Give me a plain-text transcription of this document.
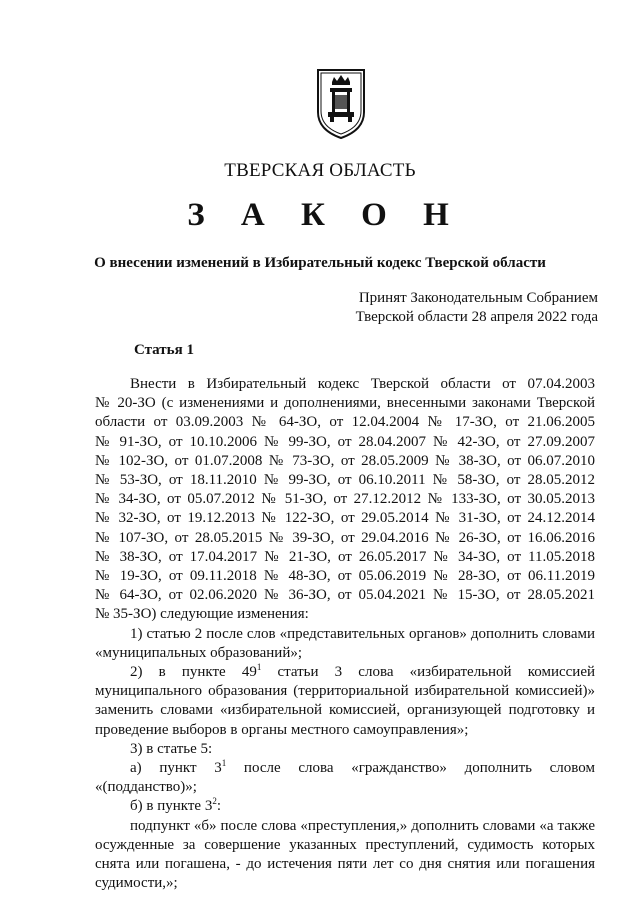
ТВЕРСКАЯ ОБЛАСТЬ
З А К О Н
О внесении изменений в Избирательный кодекс Тверской области
Принят Законодательным Собранием
Тверской области 28 апреля 2022 года
Статья 1

Внести в Избирательный кодекс Тверской области от 07.04.2003
№ 20-ЗО (с изменениями и дополнениями, внесенными законами Тверской
области от 03.09.2003 № 64-ЗО, от 12.04.2004 № 17-ЗО, от 21.06.2005
№ 91-ЗО, от 10.10.2006 № 99-ЗО, от 28.04.2007 № 42-ЗО, от 27.09.2007
№ 102-ЗО, от 01.07.2008 № 73-ЗО, от 28.05.2009 № 38-ЗО, от 06.07.2010
№ 53-ЗО, от 18.11.2010 № 99-ЗО, от 06.10.2011 № 58-ЗО, от 28.05.2012
№ 34-ЗО, от 05.07.2012 № 51-ЗО, от 27.12.2012 № 133-ЗО, от 30.05.2013
№ 32-ЗО, от 19.12.2013 № 122-ЗО, от 29.05.2014 № 31-ЗО, от 24.12.2014
№ 107-ЗО, от 28.05.2015 № 39-ЗО, от 29.04.2016 № 26-ЗО, от 16.06.2016
№ 38-ЗО, от 17.04.2017 № 21-ЗО, от 26.05.2017 № 34-ЗО, от 11.05.2018
№ 19-ЗО, от 09.11.2018 № 48-ЗО, от 05.06.2019 № 28-ЗО, от 06.11.2019
№ 64-ЗО, от 02.06.2020 № 36-ЗО, от 05.04.2021 № 15-ЗО, от 28.05.2021
№ 35-ЗО) следующие изменения:

1) статью 2 после слов «представительных органов» дополнить словами
«муниципальных образований»;

2) в пункте $49^1$ статьи 3 слова «избирательной комиссией
муниципального образования (территориальной избирательной комиссией)»
заменить словами «избирательной комиссией, организующей подготовку и
проведение выборов в органы местного самоуправления»;

3) в статье 5:

а) пункт $3^1$ после слова «гражданство» дополнить словом
«(подданство)»;

б) в пункте $3^2$:

подпункт «б» после слова «преступления,» дополнить словами «а также
осужденные за совершение указанных преступлений, судимость которых
снята или погашена, - до истечения пяти лет со дня снятия или погашения
судимости,»;
